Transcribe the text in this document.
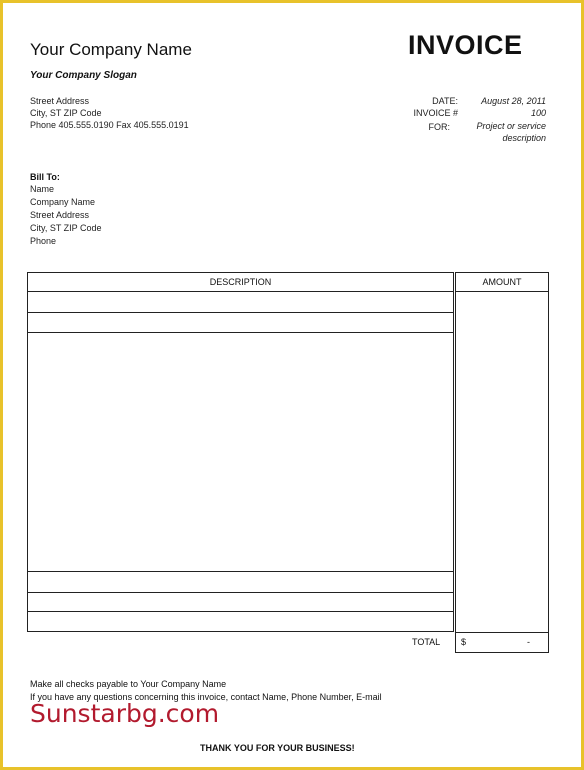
Your Company Name	INVOICE
Your Company Slogan
Street Address
City, ST ZIP Code
Phone 405.555.0190 Fax 405.555.0191
DATE:	August 28, 2011
INVOICE #	100
FOR:	Project or service
description
Bill To:
Name
Company Name
Street Address
City, ST ZIP Code
Phone
DESCRIPTION	AMOUNT
TOTAL $	-
Make all checks payable to Your Company Name
If you have any questions concerning this invoice, contact Name, Phone Number, E-mail
Sunstarbg.com
THANK YOU FOR YOUR BUSINESS!
